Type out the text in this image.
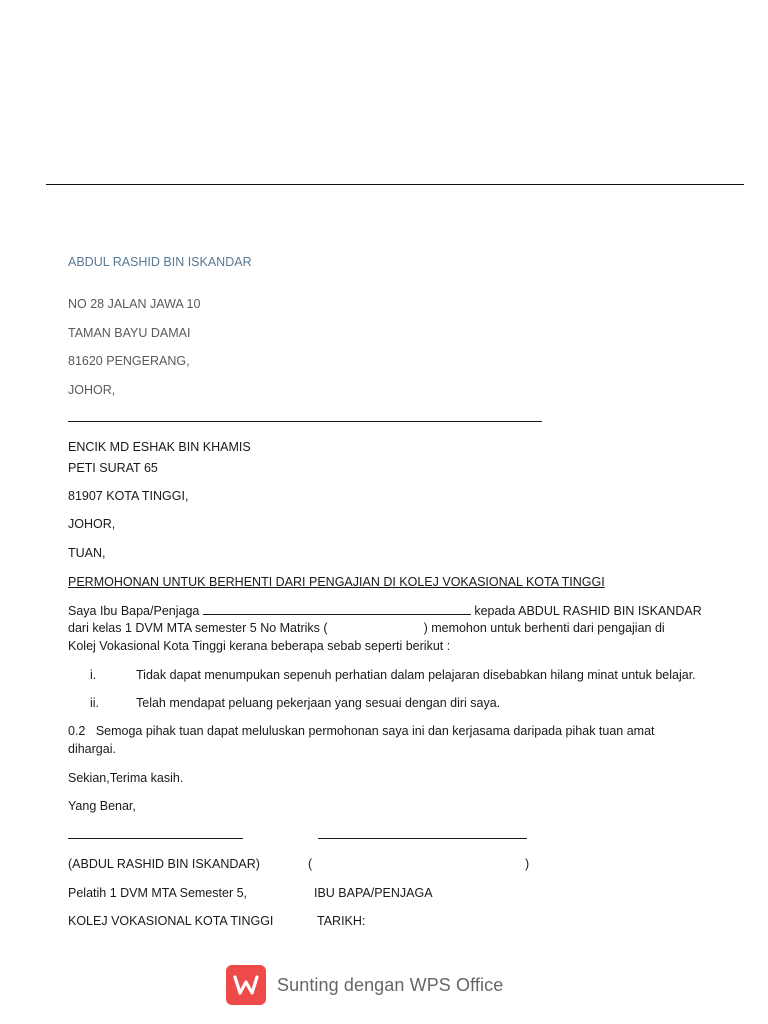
ABDUL RASHID BIN ISKANDAR
NO 28 JALAN JAWA 10
TAMAN BAYU DAMAI
81620 PENGERANG,
JOHOR,
ENCIK MD ESHAK BIN KHAMIS
PETI SURAT 65
81907 KOTA TINGGI,
JOHOR,
TUAN,
PERMOHONAN UNTUK BERHENTI DARI PENGAJIAN DI KOLEJ VOKASIONAL KOTA TINGGI
Saya Ibu Bapa/Penjaga	kepada ABDUL RASHID BIN ISKANDAR
dari kelas 1 DVM MTA semester 5 No Matriks (	) memohon untuk berhenti dari pengajian di
Kolej Vokasional Kota Tinggi kerana beberapa sebab seperti berikut :
i.	Tidak dapat menumpukan sepenuh perhatian dalam pelajaran disebabkan hilang minat untuk belajar.
ii.	Telah mendapat peluang pekerjaan yang sesuai dengan diri saya.
0.2 Semoga pihak tuan dapat meluluskan permohonan saya ini dan kerjasama daripada pihak tuan amat
dihargai.
Sekian,Terima kasih.
Yang Benar,
(ABDUL RASHID BIN ISKANDAR)	(	)
Pelatih 1 DVM MTA Semester 5,	IBU BAPA/PENJAGA
KOLEJ VOKASIONAL KOTA TINGGI	TARIKH:
Sunting dengan WPS Office
